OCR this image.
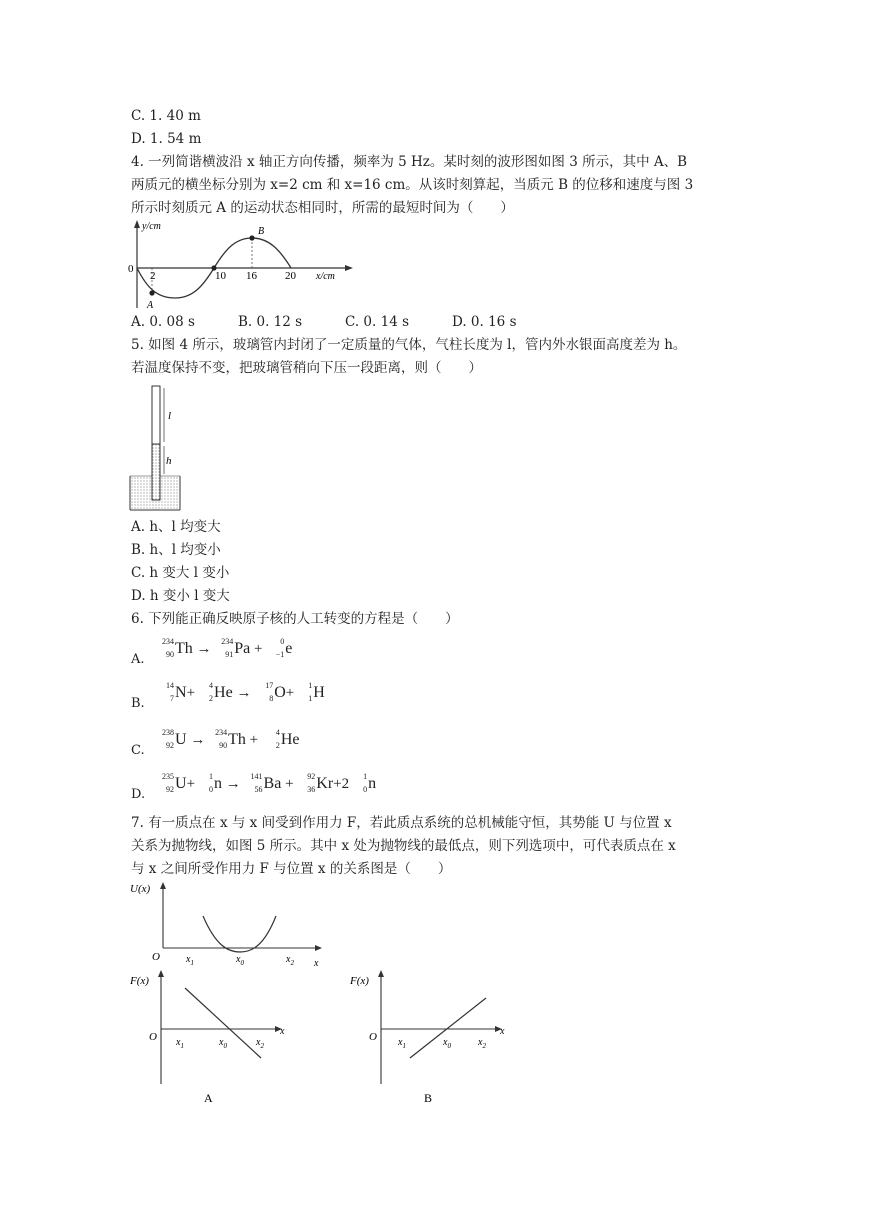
C. 1. 40 m
D. 1. 54 m
4. 一列简谐横波沿 x 轴正方向传播，频率为 5 Hz。某时刻的波形图如图 3 所示，其中 A、B
两质元的横坐标分别为 x=2 cm 和 x=16 cm。从该时刻算起，当质元 B 的位移和速度与图 3
所示时刻质元 A 的运动状态相同时，所需的最短时间为（　　）
y/cm
x/cm
0
2	10 16	20
A
B
A. 0. 08 s	B. 0. 12 s	C. 0. 14 s	D. 0. 16 s
5. 如图 4 所示，玻璃管内封闭了一定质量的气体，气柱长度为 l，管内外水银面高度差为 h。
若温度保持不变，把玻璃管稍向下压一段距离，则（　　）
l
h
A. h、l 均变大
B. h、l 均变小
C. h 变大 l 变小
D. h 变小 l 变大
6. 下列能正确反映原子核的人工转变的方程是（　　）
A.
234
90 Th → 234
91 Pa +	0
−1 e
B.
14
7 N+	4
2 He →	17
8 O+	1
1 H
C.
238
92 U → 234
90 Th +	4
2 He
D.
235
92 U+	1
0 n → 141
56 Ba +	92
36 Kr+2	1
0 n
7. 有一质点在 x 与 x 间受到作用力 F，若此质点系统的总机械能守恒，其势能 U 与位置 x
关系为抛物线，如图 5 所示。其中 x 处为抛物线的最低点，则下列选项中，可代表质点在 x
与 x 之间所受作用力 F 与位置 x 的关系图是（　　）
U(x)
O
x
$x_1$	$x_0$	$x_2$
F(x)
O	x
$x_1$	$x_0$	$x_2$
A
F(x)
O	x
$x_1$	$x_0$	$x_2$
B
